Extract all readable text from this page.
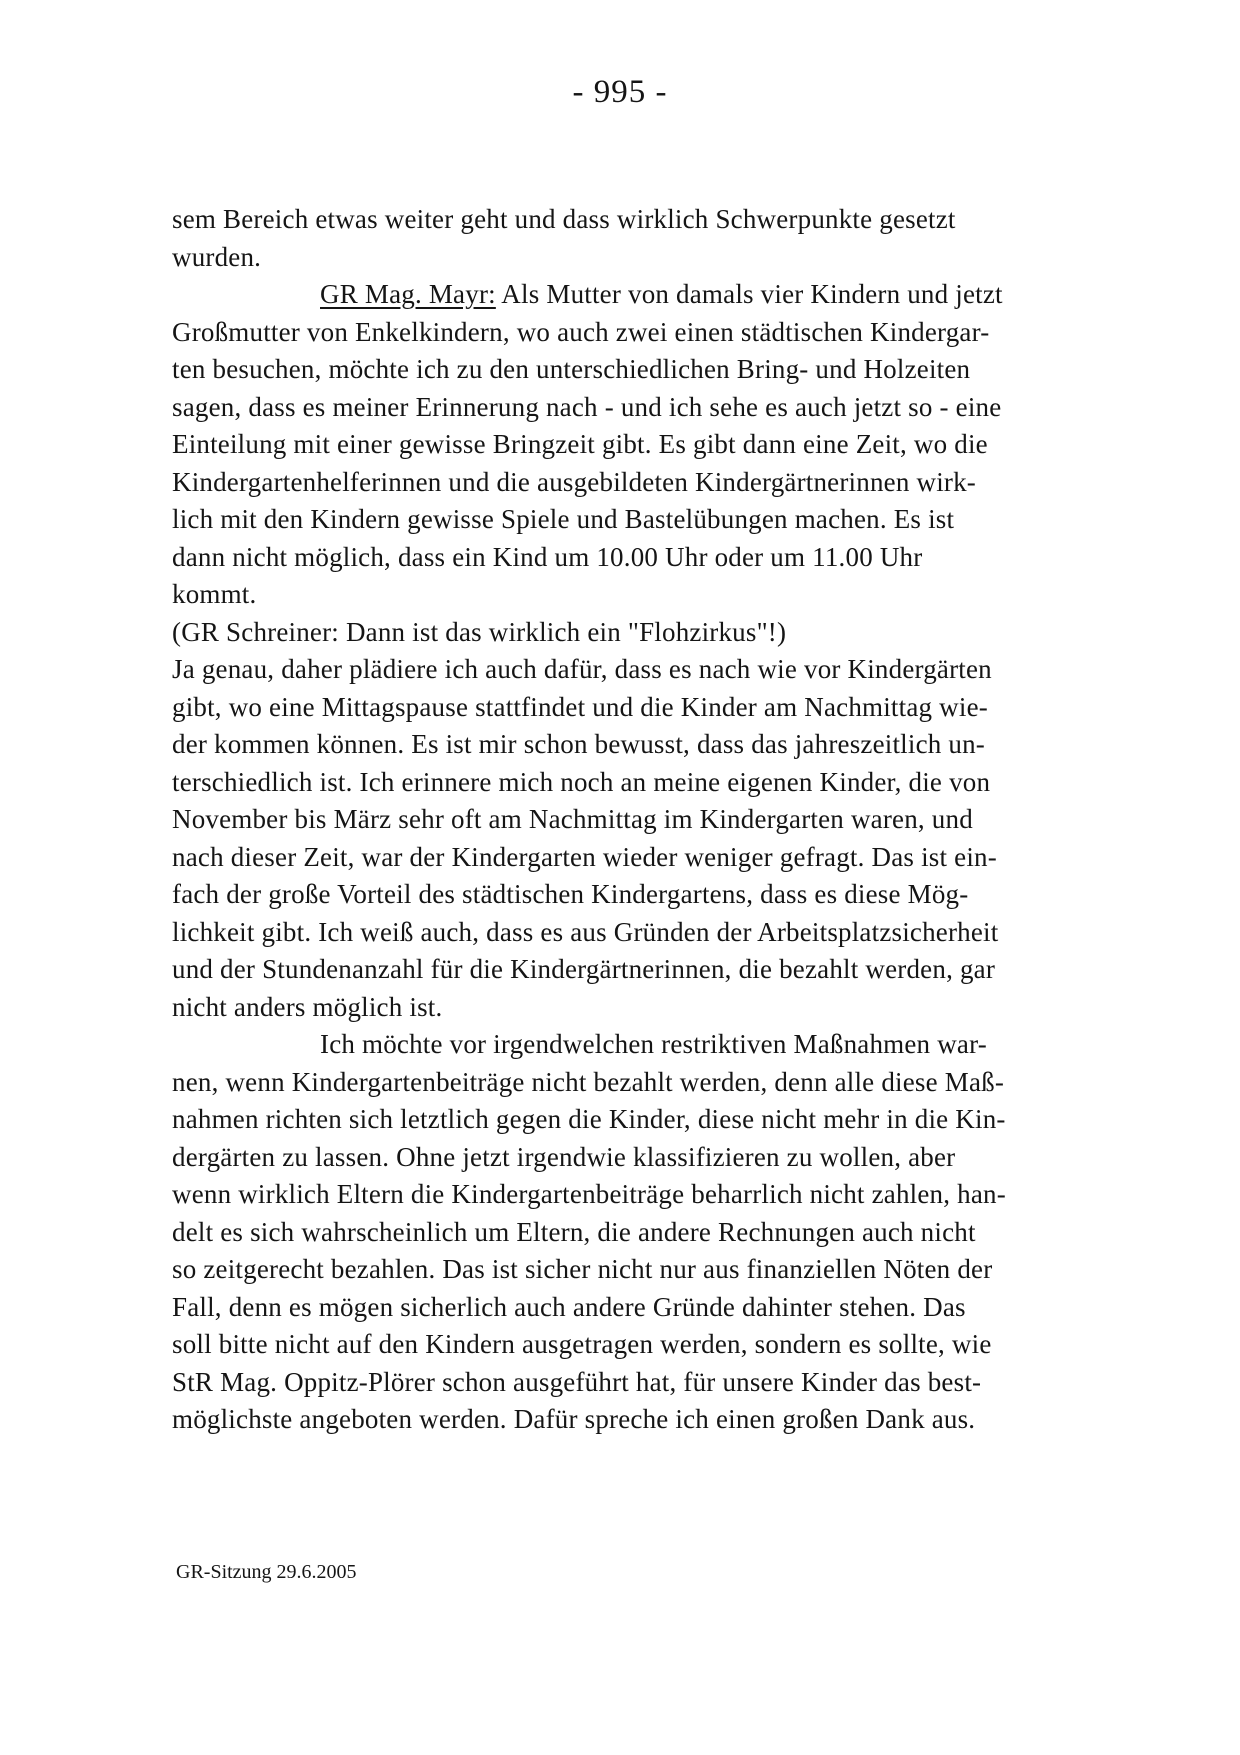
- 995 -
sem Bereich etwas weiter geht und dass wirklich Schwerpunkte gesetzt
wurden.
GR Mag. Mayr: Als Mutter von damals vier Kindern und jetzt
Großmutter von Enkelkindern, wo auch zwei einen städtischen Kindergar-
ten besuchen, möchte ich zu den unterschiedlichen Bring- und Holzeiten
sagen, dass es meiner Erinnerung nach - und ich sehe es auch jetzt so - eine
Einteilung mit einer gewisse Bringzeit gibt. Es gibt dann eine Zeit, wo die
Kindergartenhelferinnen und die ausgebildeten Kindergärtnerinnen wirk-
lich mit den Kindern gewisse Spiele und Bastelübungen machen. Es ist
dann nicht möglich, dass ein Kind um 10.00 Uhr oder um 11.00 Uhr
kommt.
(GR Schreiner: Dann ist das wirklich ein "Flohzirkus"!)
Ja genau, daher plädiere ich auch dafür, dass es nach wie vor Kindergärten
gibt, wo eine Mittagspause stattfindet und die Kinder am Nachmittag wie-
der kommen können. Es ist mir schon bewusst, dass das jahreszeitlich un-
terschiedlich ist. Ich erinnere mich noch an meine eigenen Kinder, die von
November bis März sehr oft am Nachmittag im Kindergarten waren, und
nach dieser Zeit, war der Kindergarten wieder weniger gefragt. Das ist ein-
fach der große Vorteil des städtischen Kindergartens, dass es diese Mög-
lichkeit gibt. Ich weiß auch, dass es aus Gründen der Arbeitsplatzsicherheit
und der Stundenanzahl für die Kindergärtnerinnen, die bezahlt werden, gar
nicht anders möglich ist.
Ich möchte vor irgendwelchen restriktiven Maßnahmen war-
nen, wenn Kindergartenbeiträge nicht bezahlt werden, denn alle diese Maß-
nahmen richten sich letztlich gegen die Kinder, diese nicht mehr in die Kin-
dergärten zu lassen. Ohne jetzt irgendwie klassifizieren zu wollen, aber
wenn wirklich Eltern die Kindergartenbeiträge beharrlich nicht zahlen, han-
delt es sich wahrscheinlich um Eltern, die andere Rechnungen auch nicht
so zeitgerecht bezahlen. Das ist sicher nicht nur aus finanziellen Nöten der
Fall, denn es mögen sicherlich auch andere Gründe dahinter stehen. Das
soll bitte nicht auf den Kindern ausgetragen werden, sondern es sollte, wie
StR Mag. Oppitz-Plörer schon ausgeführt hat, für unsere Kinder das best-
möglichste angeboten werden. Dafür spreche ich einen großen Dank aus.
GR-Sitzung 29.6.2005
